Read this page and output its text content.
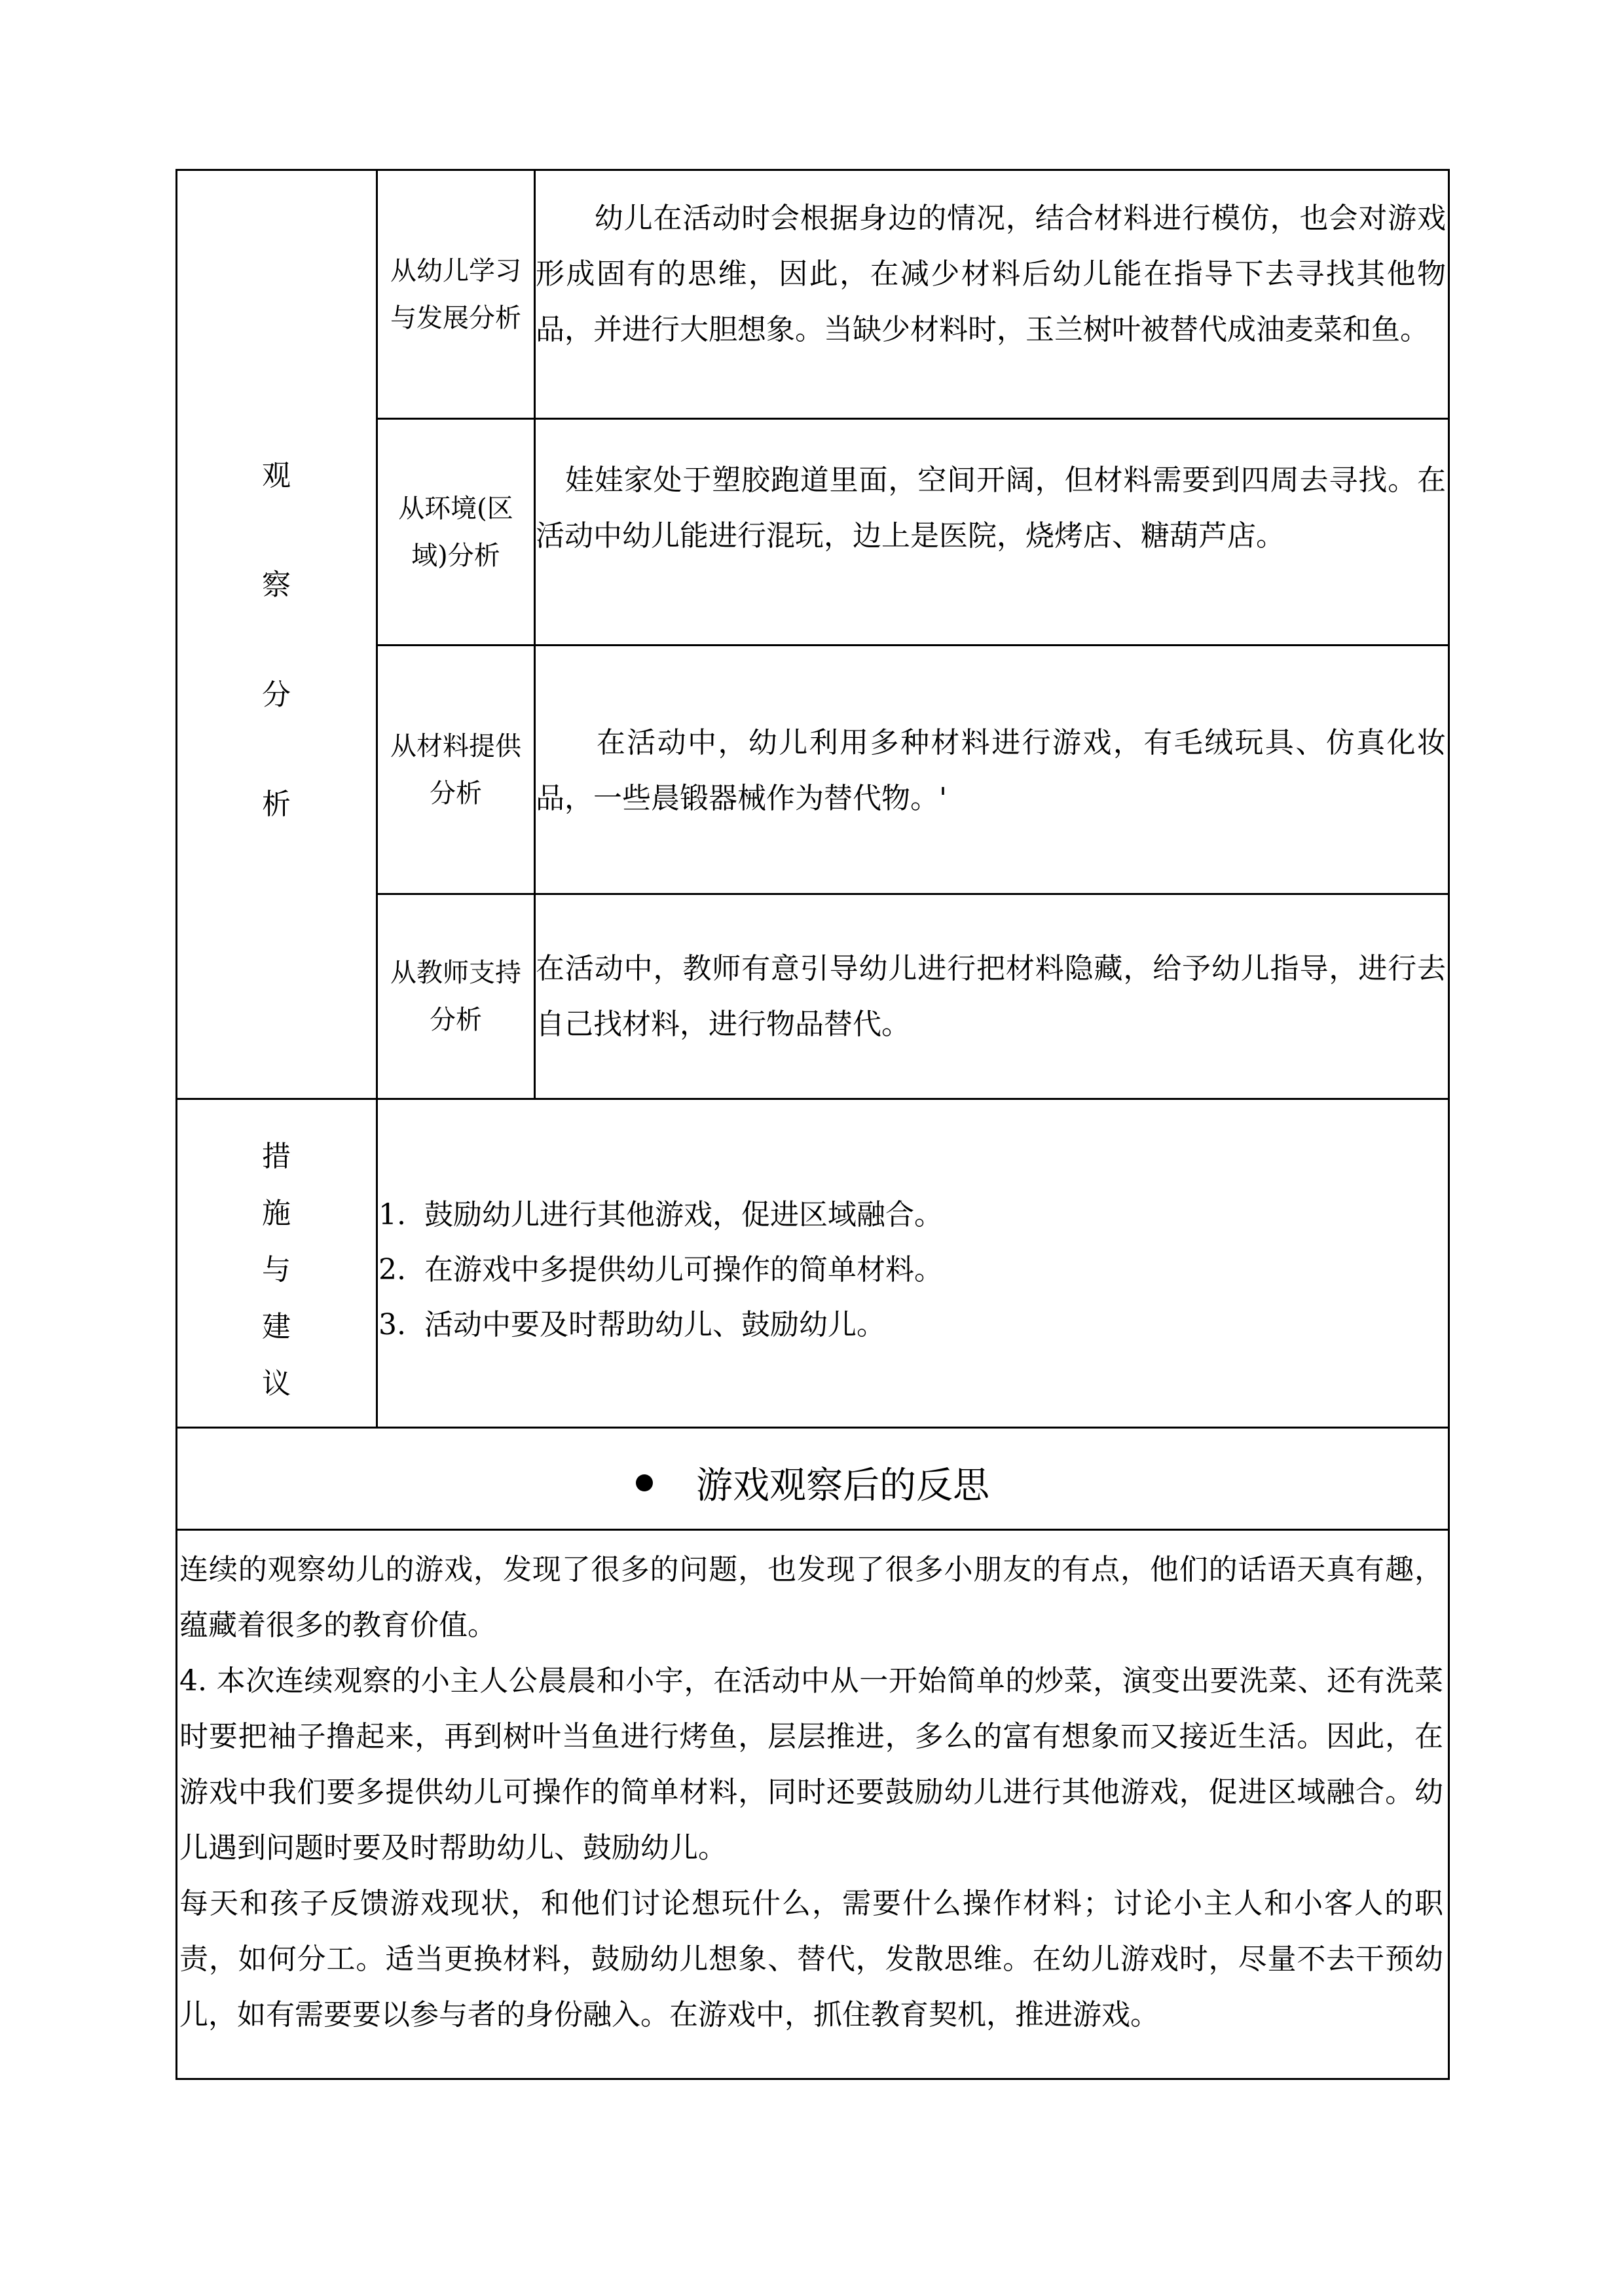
观
察
分
析
从幼儿学习与发展分析

　　幼儿在活动时会根据身边的情况，结合材料进行模仿，也会对游戏形成固有的思维，因此，在减少材料后幼儿能在指导下去寻找其他物品，并进行大胆想象。当缺少材料时，玉兰树叶被替代成油麦菜和鱼。

从环境(区域)分析

　娃娃家处于塑胶跑道里面，空间开阔，但材料需要到四周去寻找。在活动中幼儿能进行混玩，边上是医院，烧烤店、糖葫芦店。

从材料提供分析

　　在活动中，幼儿利用多种材料进行游戏，有毛绒玩具、仿真化妆品，一些晨锻器械作为替代物。'

从教师支持分析

在活动中，教师有意引导幼儿进行把材料隐藏，给予幼儿指导，进行去自己找材料，进行物品替代。

措
施
与
建
议
1. 鼓励幼儿进行其他游戏，促进区域融合。
2. 在游戏中多提供幼儿可操作的简单材料。
3. 活动中要及时帮助幼儿、鼓励幼儿。
游戏观察后的反思

连续的观察幼儿的游戏，发现了很多的问题，也发现了很多小朋友的有点，他们的话语天真有趣，蕴藏着很多的教育价值。

4. 本次连续观察的小主人公晨晨和小宇，在活动中从一开始简单的炒菜，演变出要洗菜、还有洗菜时要把袖子撸起来，再到树叶当鱼进行烤鱼，层层推进，多么的富有想象而又接近生活。因此，在游戏中我们要多提供幼儿可操作的简单材料，同时还要鼓励幼儿进行其他游戏，促进区域融合。幼儿遇到问题时要及时帮助幼儿、鼓励幼儿。

每天和孩子反馈游戏现状，和他们讨论想玩什么，需要什么操作材料；讨论小主人和小客人的职责，如何分工。适当更换材料，鼓励幼儿想象、替代，发散思维。在幼儿游戏时，尽量不去干预幼儿，如有需要要以参与者的身份融入。在游戏中，抓住教育契机，推进游戏。
